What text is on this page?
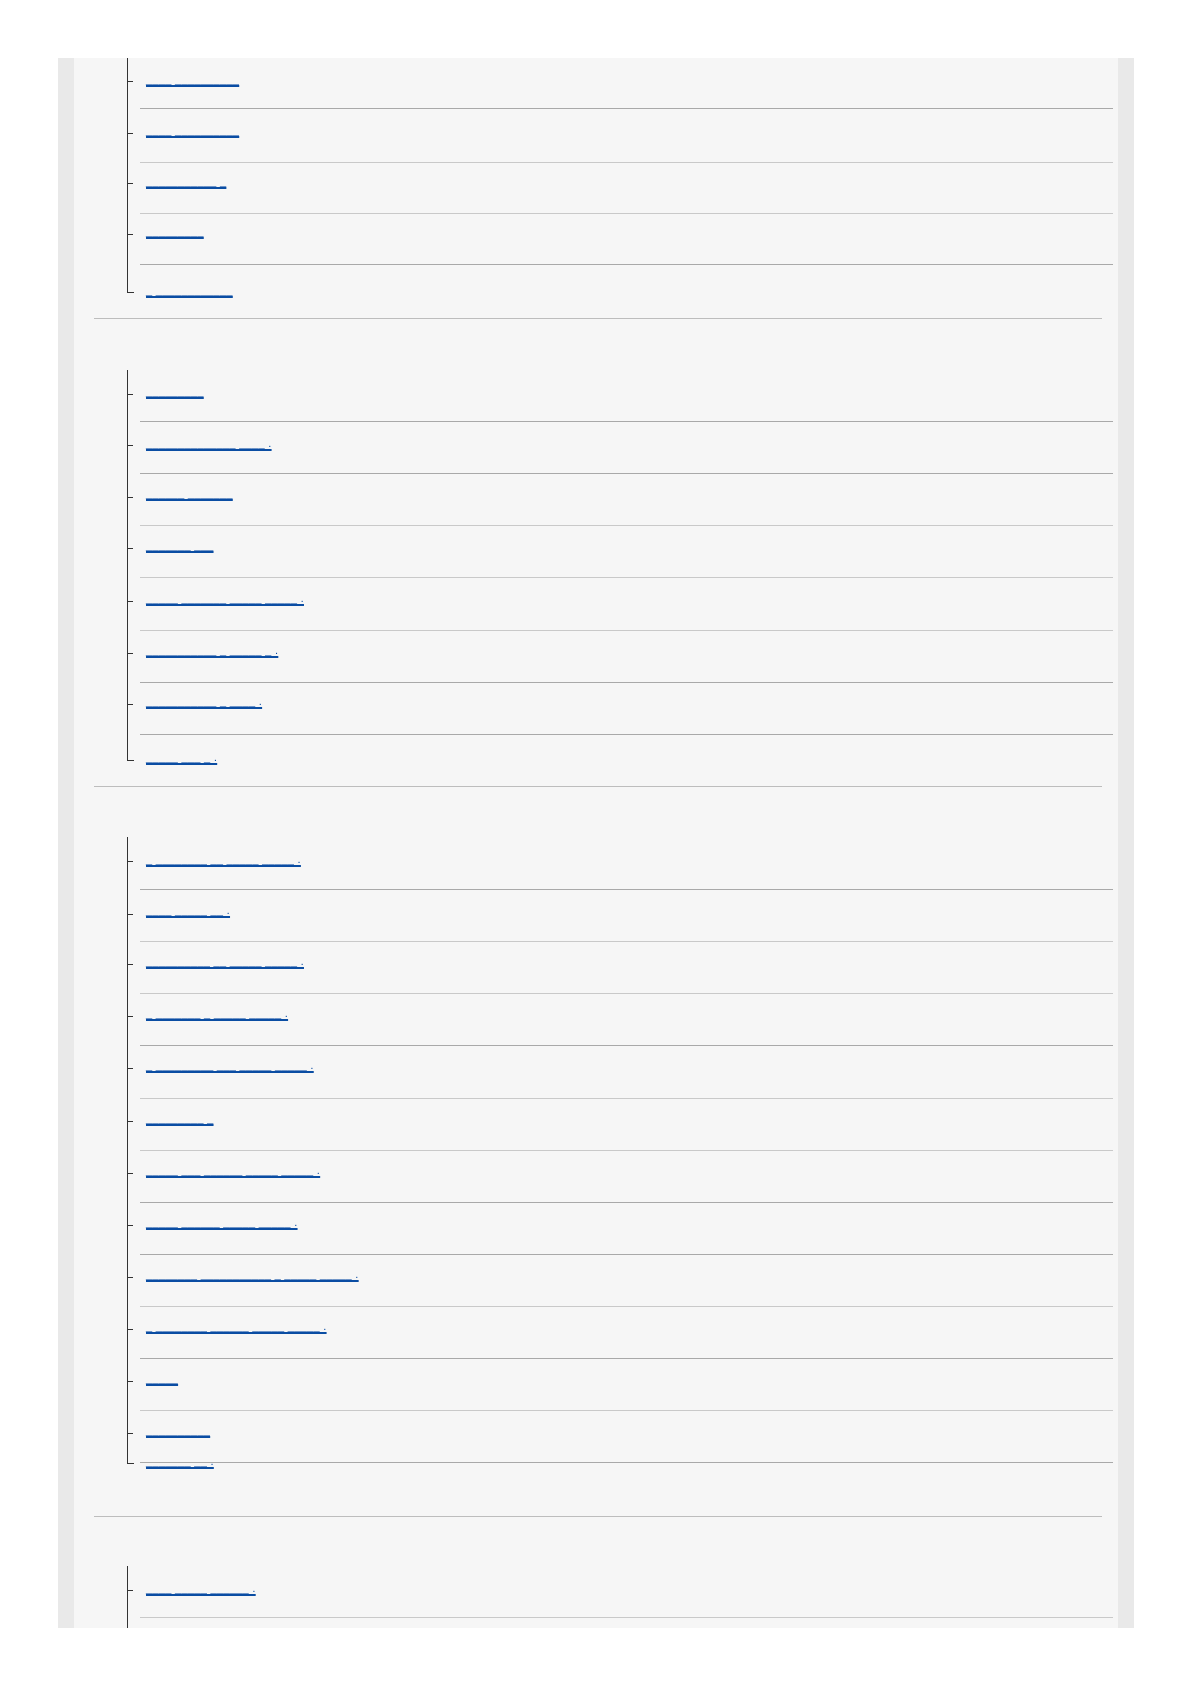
____ __________
____ __________
___________ _
_________
_ ____________
_________
______________ ____ .
______ _______
_______ ___
_____ _______ _____ _____ .
___________ _ _____ _ .
___________ _ ____ .
_____ ___ _ .
_ ________ __ _____ _____ .
____ _____ __ .
__________ __ _____ _____ .
_ _______ _ _____ _____ .
_ _________ ___ _____ _____ .
_________ _
_____ ___ ______ _____ _____ .
_____ ______ _____ _____ .
________ ___________ _ _____ _____ .
_ ________ ______ _____ _____ .
_____
__________
_______ __ .
____ _____ ______ .
